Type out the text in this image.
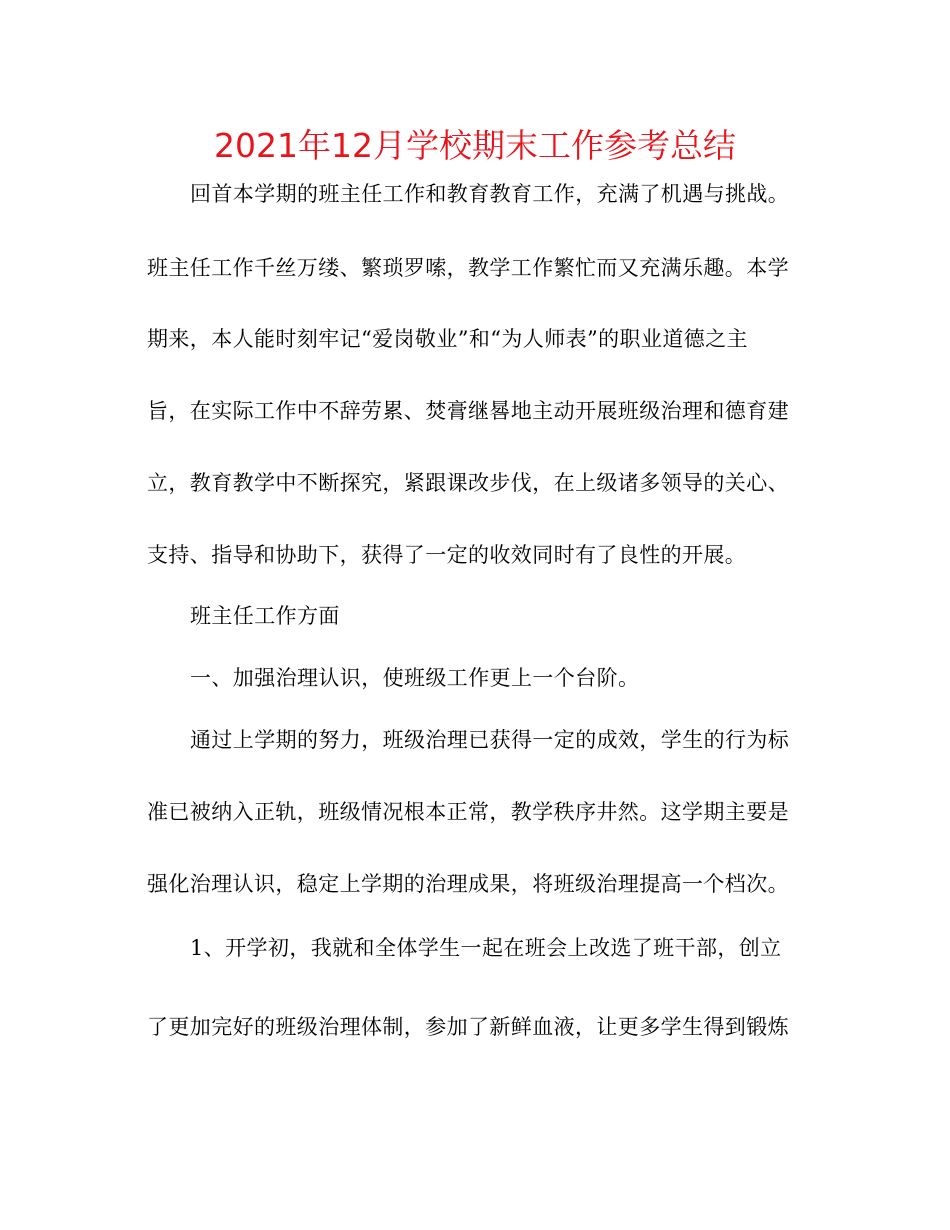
2021年12月学校期末工作参考总结
回首本学期的班主任工作和教育教育工作，充满了机遇与挑战。
班主任工作千丝万缕、繁琐罗嗦，教学工作繁忙而又充满乐趣。本学
期来，本人能时刻牢记“爱岗敬业”和“为人师表”的职业道德之主
旨，在实际工作中不辞劳累、焚膏继晷地主动开展班级治理和德育建
立，教育教学中不断探究，紧跟课改步伐，在上级诸多领导的关心、
支持、指导和协助下，获得了一定的收效同时有了良性的开展。
班主任工作方面
一、加强治理认识，使班级工作更上一个台阶。
通过上学期的努力，班级治理已获得一定的成效，学生的行为标
准已被纳入正轨，班级情况根本正常，教学秩序井然。这学期主要是
强化治理认识，稳定上学期的治理成果，将班级治理提高一个档次。
1、开学初，我就和全体学生一起在班会上改选了班干部，创立
了更加完好的班级治理体制，参加了新鲜血液，让更多学生得到锻炼
